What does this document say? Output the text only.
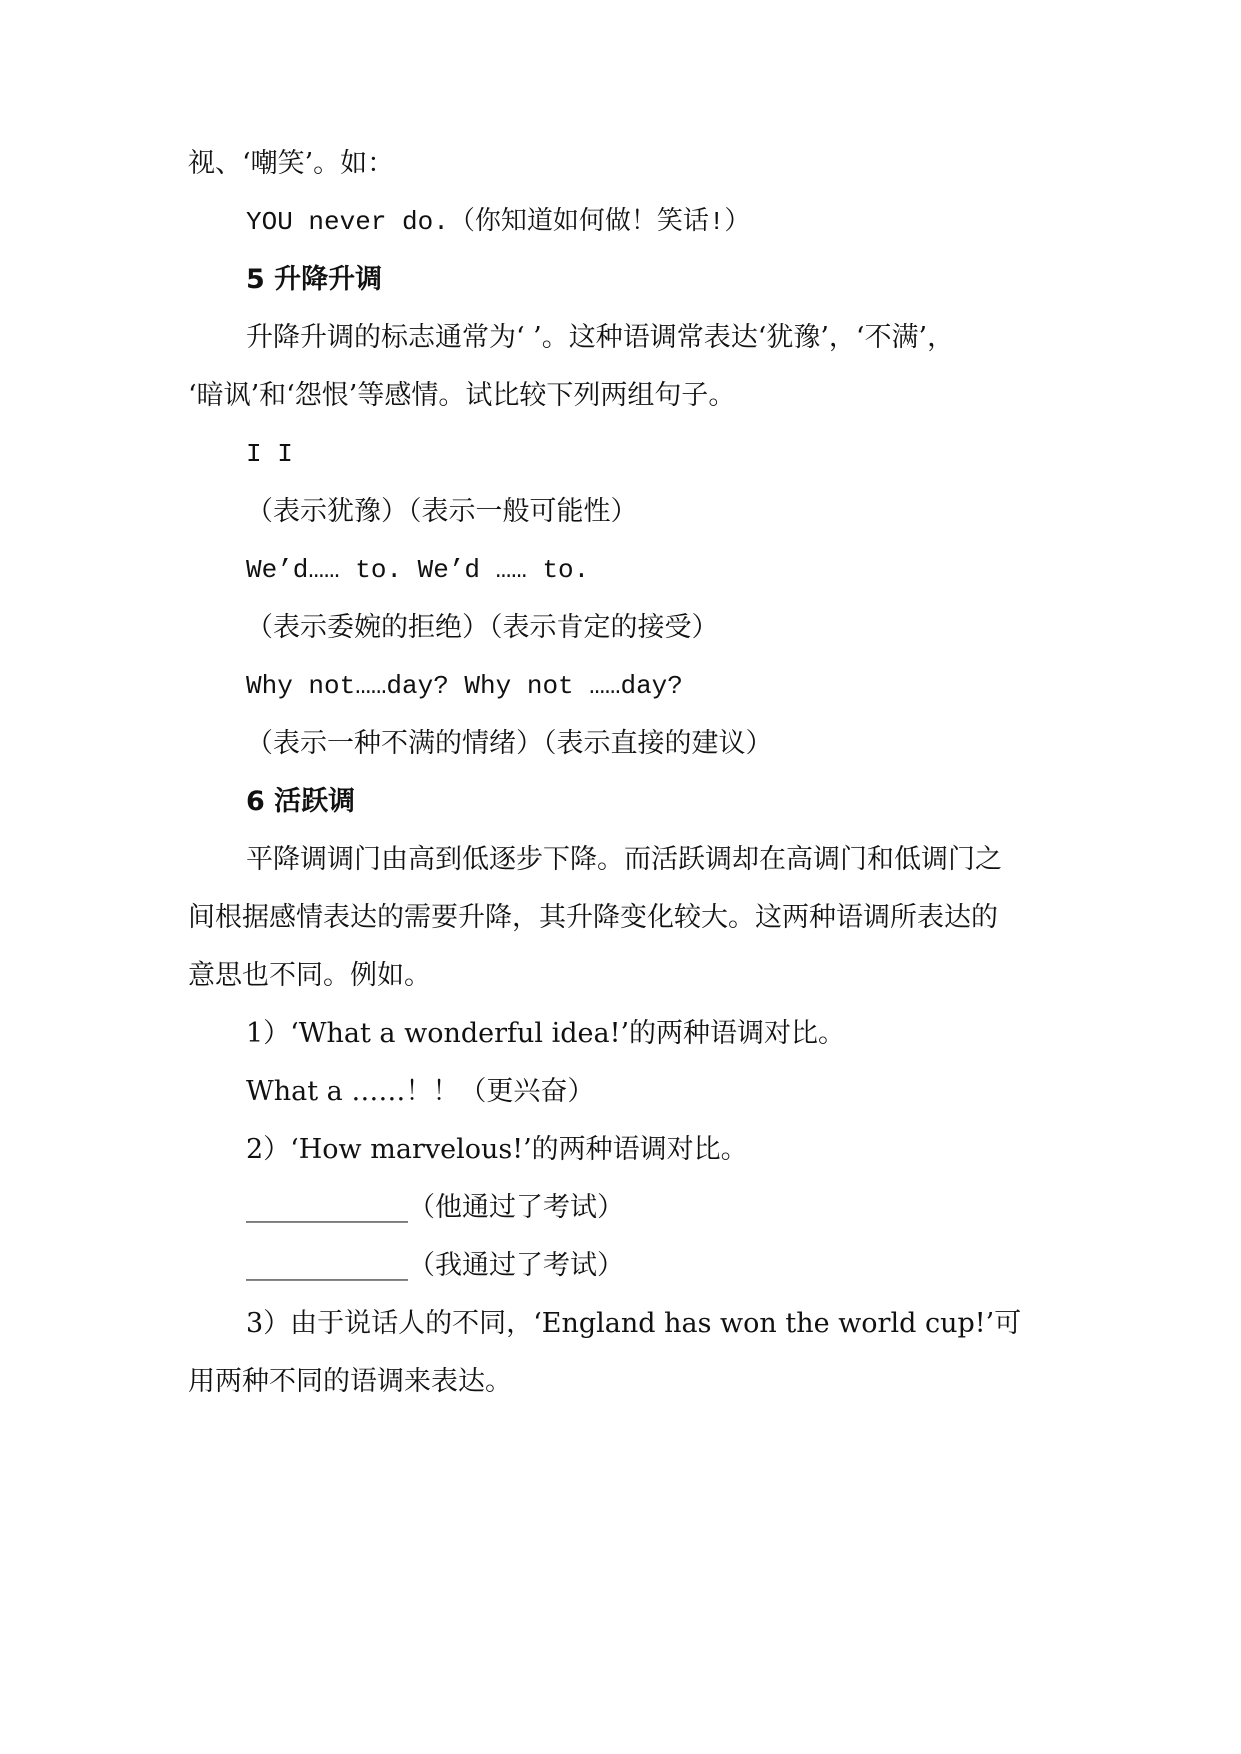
视、‘嘲笑’。如：
YOU never do.（你知道如何做！笑话!）
5 升降升调
升降升调的标志通常为‘ ’。这种语调常表达‘犹豫’，‘不满’，
‘暗讽’和‘怨恨’等感情。试比较下列两组句子。
I I
（表示犹豫）（表示一般可能性）
We’d…… to. We’d …… to.
（表示委婉的拒绝）（表示肯定的接受）
Why not……day? Why not ……day?
（表示一种不满的情绪）（表示直接的建议）
6 活跃调
平降调调门由高到低逐步下降。而活跃调却在高调门和低调门之
间根据感情表达的需要升降，其升降变化较大。这两种语调所表达的
意思也不同。例如。
1）‘What a wonderful idea!’的两种语调对比。
What a ……！！（更兴奋）
2）‘How marvelous!’的两种语调对比。
____________（他通过了考试）
____________（我通过了考试）
3）由于说话人的不同，‘England has won the world cup!’可
用两种不同的语调来表达。
